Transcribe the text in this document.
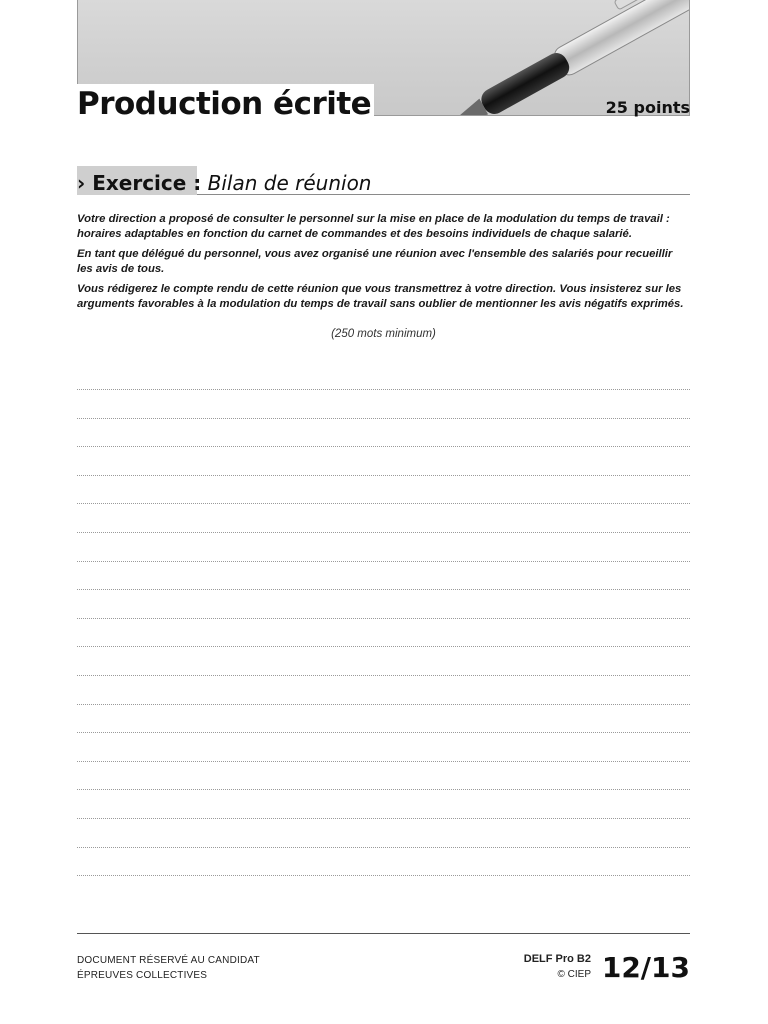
Production écrite	25 points
› Exercice : Bilan de réunion

Votre direction a proposé de consulter le personnel sur la mise en place de la modulation du temps de travail : horaires adaptables en fonction du carnet de commandes et des besoins individuels de chaque salarié.

En tant que délégué du personnel, vous avez organisé une réunion avec l'ensemble des salariés pour recueillir les avis de tous.

Vous rédigerez le compte rendu de cette réunion que vous transmettrez à votre direction. Vous insisterez sur les arguments favorables à la modulation du temps de travail sans oublier de mentionner les avis négatifs exprimés.

(250 mots minimum)
DOCUMENT RÉSERVÉ AU CANDIDAT
ÉPREUVES COLLECTIVES
DELF Pro B2
© CIEP 12/13
